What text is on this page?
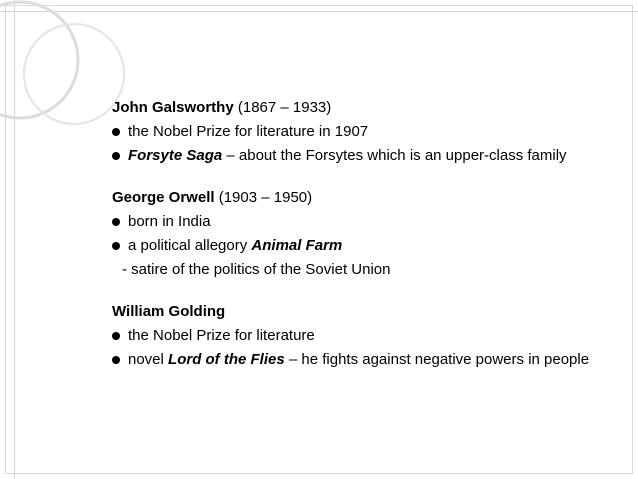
John Galsworthy (1867 – 1933)
the Nobel Prize for literature in 1907
Forsyte Saga – about the Forsytes which is an upper-class family
George Orwell (1903 – 1950)
born in India
a political allegory Animal Farm
- satire of the politics of the Soviet Union
William Golding
the Nobel Prize for literature
novel Lord of the Flies – he fights against negative powers in people
